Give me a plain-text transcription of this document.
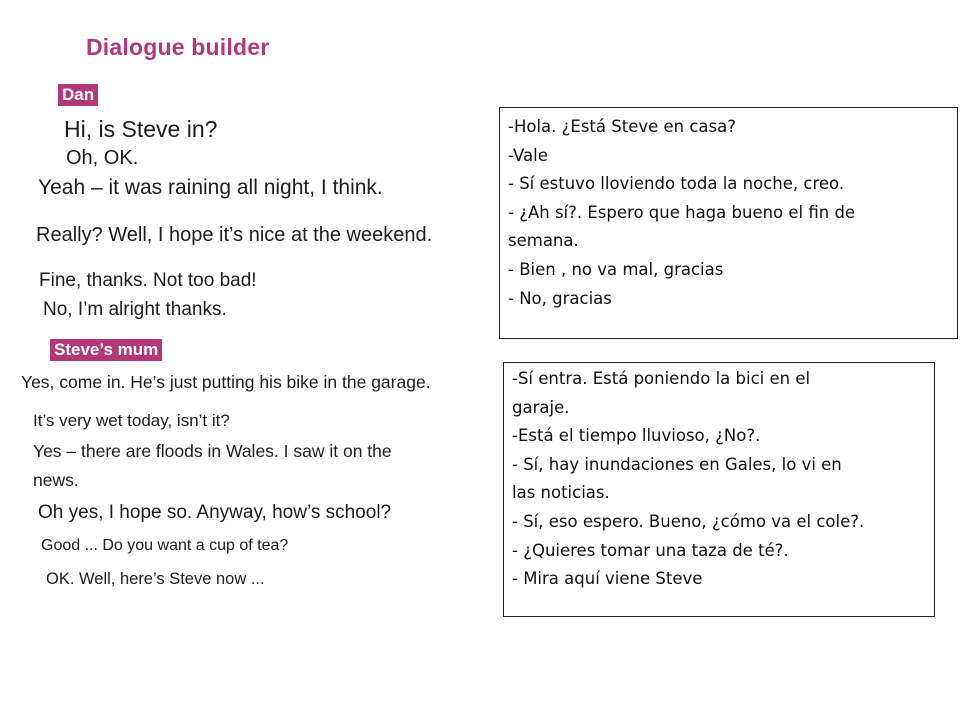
Dialogue builder
Dan
Hi, is Steve in?
Oh, OK.
Yeah – it was raining all night, I think.
Really? Well, I hope it’s nice at the weekend.
Fine, thanks. Not too bad!
No, I’m alright thanks.
Steve’s mum
Yes, come in. He’s just putting his bike in the garage.
It’s very wet today, isn’t it?
Yes – there are floods in Wales. I saw it on the
news.
Oh yes, I hope so. Anyway, how’s school?
Good ... Do you want a cup of tea?
OK. Well, here’s Steve now ...
-Hola. ¿Está Steve en casa?
-Vale
- Sí estuvo lloviendo toda la noche, creo.
- ¿Ah sí?. Espero que haga bueno el fin de
semana.
- Bien , no va mal, gracias
- No, gracias
-Sí entra. Está poniendo la bici en el
garaje.
-Está el tiempo lluvioso, ¿No?.
- Sí, hay inundaciones en Gales, lo vi en
las noticias.
- Sí, eso espero. Bueno, ¿cómo va el cole?.
- ¿Quieres tomar una taza de té?.
- Mira aquí viene Steve
